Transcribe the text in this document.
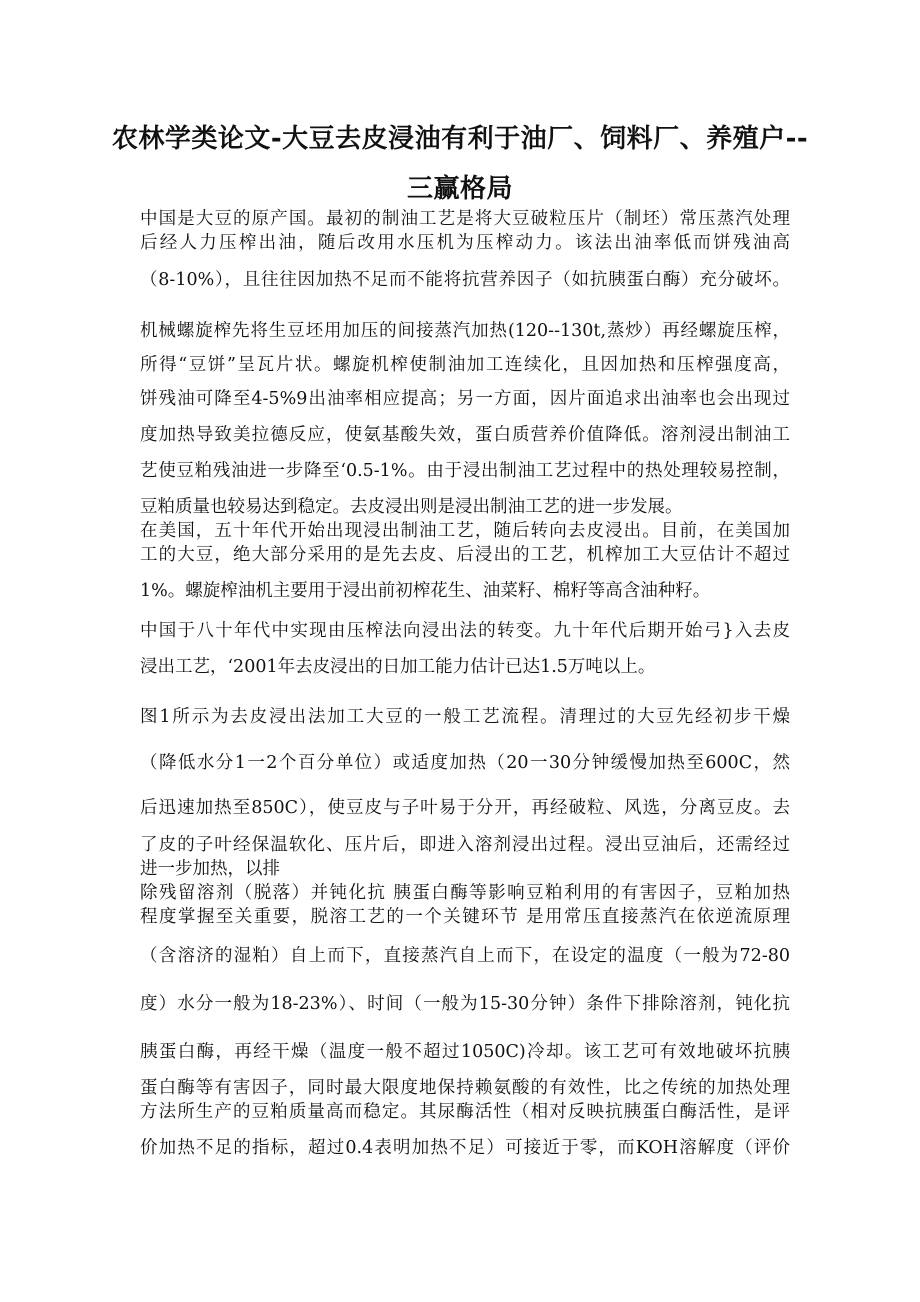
农林学类论文-大豆去皮浸油有利于油厂、饲料厂、养殖户--
三赢格局
中国是大豆的原产国。最初的制油工艺是将大豆破粒压片（制坯）常压蒸汽处理
后经人力压榨出油，随后改用水压机为压榨动力。该法出油率低而饼残油高
（8-10%），且往往因加热不足而不能将抗营养因子（如抗胰蛋白酶）充分破坏。
机械螺旋榨先将生豆坯用加压的间接蒸汽加热(120--130t,蒸炒）再经螺旋压榨，
所得“豆饼”呈瓦片状。螺旋机榨使制油加工连续化，且因加热和压榨强度高，
饼残油可降至4-5%9出油率相应提高；另一方面，因片面追求出油率也会出现过
度加热导致美拉德反应，使氨基酸失效，蛋白质营养价值降低。溶剂浸出制油工
艺使豆粕残油进一步降至‘0.5-1%。由于浸出制油工艺过程中的热处理较易控制，
豆粕质量也较易达到稳定。去皮浸出则是浸出制油工艺的进一步发展。
在美国，五十年代开始出现浸出制油工艺，随后转向去皮浸出。目前，在美国加
工的大豆，绝大部分采用的是先去皮、后浸出的工艺，机榨加工大豆估计不超过
1%。螺旋榨油机主要用于浸出前初榨花生、油菜籽、棉籽等高含油种籽。
中国于八十年代中实现由压榨法向浸出法的转变。九十年代后期开始弓}入去皮
浸出工艺，‘2001年去皮浸出的日加工能力估计已达1.5万吨以上。
图1所示为去皮浸出法加工大豆的一般工艺流程。清理过的大豆先经初步干燥
（降低水分1一2个百分单位）或适度加热（20一30分钟缓慢加热至600C，然
后迅速加热至850C），使豆皮与子叶易于分开，再经破粒、风选，分离豆皮。去
了皮的子叶经保温软化、压片后，即进入溶剂浸出过程。浸出豆油后，还需经过
进一步加热，以排
除残留溶剂（脱落）并钝化抗 胰蛋白酶等影响豆粕利用的有害因子，豆粕加热
程度掌握至关重要，脱溶工艺的一个关键环节 是用常压直接蒸汽在依逆流原理
（含溶济的湿粕）自上而下，直接蒸汽自上而下，在设定的温度（一般为72-80
度）水分一般为18-23%）、时间（一般为15-30分钟）条件下排除溶剂，钝化抗
胰蛋白酶，再经干燥（温度一般不超过1050C)冷却。该工艺可有效地破坏抗胰
蛋白酶等有害因子，同时最大限度地保持赖氨酸的有效性，比之传统的加热处理
方法所生产的豆粕质量高而稳定。其尿酶活性（相对反映抗胰蛋白酶活性，是评
价加热不足的指标，超过0.4表明加热不足）可接近于零，而KOH溶解度（评价
